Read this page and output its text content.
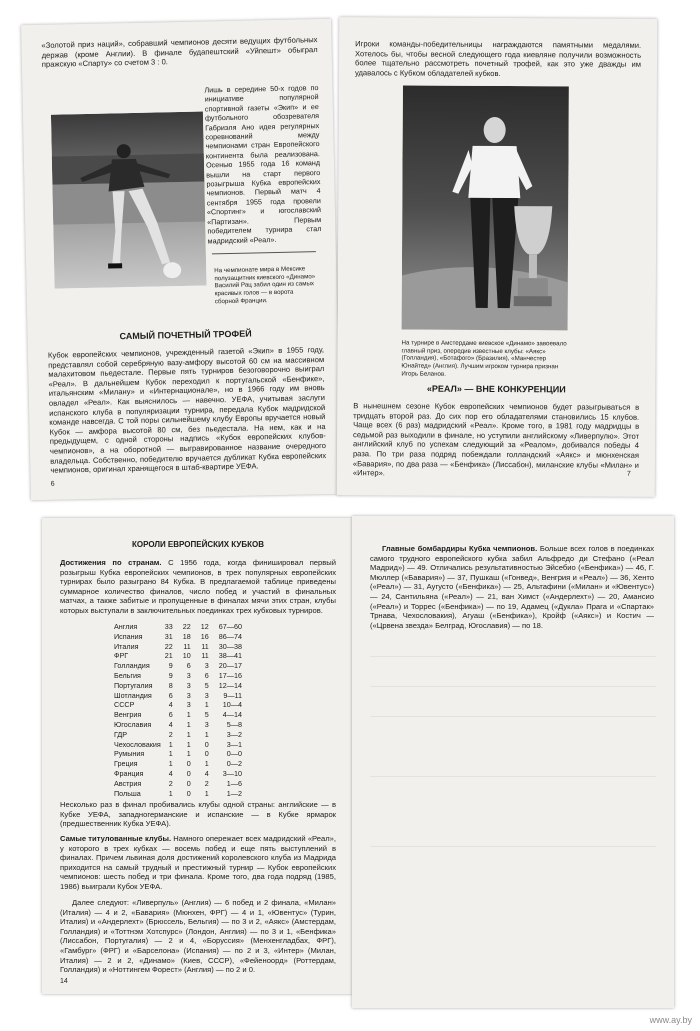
«Золотой приз наций», собравший чемпионов десяти ведущих футбольных держав (кроме Англии). В финале будапештский «Уйпешт» обыграл пражскую «Спарту» со счетом 3 : 0.

Лишь в середине 50-х годов по инициативе популярной спортивной газеты «Экип» и ее футбольного обозревателя Габриэля Ано идея регулярных соревнований между чемпионами стран Европейского континента была реализована. Осенью 1955 года 16 команд вышли на старт первого розыгрыша Кубка европейских чемпионов. Первый матч 4 сентября 1955 года провели «Спортинг» и югославский «Партизан». Первым победителем турнира стал мадридский «Реал».

На чемпионате мира в Мексике полузащитник киевского «Динамо» Василий Рац забил один из самых красивых голов — в ворота сборной Франции.

САМЫЙ ПОЧЕТНЫЙ ТРОФЕЙ

Кубок европейских чемпионов, учрежденный газетой «Экип» в 1955 году, представлял собой серебряную вазу-амфору высотой 60 см на массивном малахитовом пьедестале. Первые пять турниров безоговорочно выиграл «Реал». В дальнейшем Кубок переходил к португальской «Бенфике», итальянским «Милану» и «Интернационале», но в 1966 году им вновь овладел «Реал». Как выяснилось — навечно. УЕФА, учитывая заслуги испанского клуба в популяризации турнира, передала Кубок мадридской команде навсегда. С той поры сильнейшему клубу Европы вручается новый Кубок — амфора высотой 80 см, без пьедестала. На нем, как и на предыдущем, с одной стороны надпись «Кубок европейских клубов-чемпионов», а на оборотной — выгравированное название очередного владельца. Собственно, победителю вручается дубликат Кубка европейских чемпионов, оригинал хранящегося в штаб-квартире УЕФА.

6

Игроки команды-победительницы награждаются памятными медалями. Хотелось бы, чтобы весной следующего года киевляне получили возможность более тщательно рассмотреть почетный трофей, как это уже дважды им удавалось с Кубком обладателей кубков.

На турнире в Амстердаме киевское «Динамо» завоевало главный приз, опередив известные клубы: «Аякс» (Голландия), «Ботафого» (Бразилия), «Манчестер Юнайтед» (Англия). Лучшим игроком турнира признан Игорь Беланов.

«РЕАЛ» — ВНЕ КОНКУРЕНЦИИ

В нынешнем сезоне Кубок европейских чемпионов будет разыгрываться в тридцать второй раз. До сих пор его обладателями становились 15 клубов. Чаще всех (6 раз) мадридский «Реал». Кроме того, в 1981 году мадридцы в седьмой раз выходили в финале, но уступили английскому «Ливерпулю». Этот английский клуб по успехам следующий за «Реалом», добивался победы 4 раза. По три раза подряд побеждали голландский «Аякс» и мюнхенская «Бавария», по два раза — «Бенфика» (Лиссабон), миланские клубы «Милан» и «Интер».	7
КОРОЛИ ЕВРОПЕЙСКИХ КУБКОВ

Достижения по странам. С 1956 года, когда финишировал первый розыгрыш Кубка европейских чемпионов, в трех популярных европейских турнирах было разыграно 84 Кубка. В предлагаемой таблице приведены суммарное количество финалов, число побед и участий в финальных матчах, а также забитые и пропущенные в финалах мячи этих стран, клубы которых выступали в заключительных поединках трех кубковых турниров.

Англия	33	22	12	67—60
Испания	31	18	16	86—74
Италия	22	11	11	30—38
ФРГ	21	10	11	38—41
Голландия	9	6	3	20—17
Бельгия	9	3	6	17—16
Португалия	8	3	5	12—14
Шотландия	6	3	3	9—11
СССР	4	3	1	10—4
Венгрия	6	1	5	4—14
Югославия	4	1	3	5—8
ГДР	2	1	1	3—2
Чехословакия	1	1	0	3—1
Румыния	1	1	0	0—0
Греция	1	0	1	0—2
Франция	4	0	4	3—10
Австрия	2	0	2	1—6
Польша	1	0	1	1—2

Несколько раз в финал пробивались клубы одной страны: английские — в Кубке УЕФА, западногерманские и испанские — в Кубке ярмарок (предшественник Кубка УЕФА).

Самые титулованные клубы. Намного опережает всех мадридский «Реал», у которого в трех кубках — восемь побед и еще пять выступлений в финалах. Причем львиная доля достижений королевского клуба из Мадрида приходится на самый трудный и престижный турнир — Кубок европейских чемпионов: шесть побед и три финала. Кроме того, два года подряд (1985, 1986) выиграли Кубок УЕФА.

Далее следуют: «Ливерпуль» (Англия) — 6 побед и 2 финала, «Милан» (Италия) — 4 и 2, «Бавария» (Мюнхен, ФРГ) — 4 и 1, «Ювентус» (Турин, Италия) и «Андерлехт» (Брюссель, Бельгия) — по 3 и 2, «Аякс» (Амстердам, Голландия) и «Тоттнэм Хотспурс» (Лондон, Англия) — по 3 и 1, «Бенфика» (Лиссабон, Португалия) — 2 и 4, «Боруссия» (Менхенгладбах, ФРГ), «Гамбург» (ФРГ) и «Барселона» (Испания) — по 2 и 3, «Интер» (Милан, Италия) — 2 и 2, «Динамо» (Киев, СССР), «Фейеноорд» (Роттердам, Голландия) и «Ноттингем Форест» (Англия) — по 2 и 0.

14

Главные бомбардиры Кубка чемпионов. Больше всех голов в поединках самого трудного европейского кубка забил Альфредо ди Стефано («Реал Мадрид») — 49. Отличались результативностью Эйсебио («Бенфика») — 46, Г. Мюллер («Бавария») — 37, Пушкаш («Гонвед», Венгрия и «Реал») — 36, Хенто («Реал») — 31, Аугусто («Бенфика») — 25, Альтафини («Милан» и «Ювентус») — 24, Сантильяна («Реал») — 21, ван Химст («Андерлехт») — 20, Амансио («Реал») и Торрес («Бенфика») — по 19, Адамец («Дукла» Прага и «Спартак» Трнава, Чехословакия), Агуаш («Бенфика»), Кройф («Аякс») и Костич — («Црвена звезда» Белград, Югославия) — по 18.

www.ay.by
